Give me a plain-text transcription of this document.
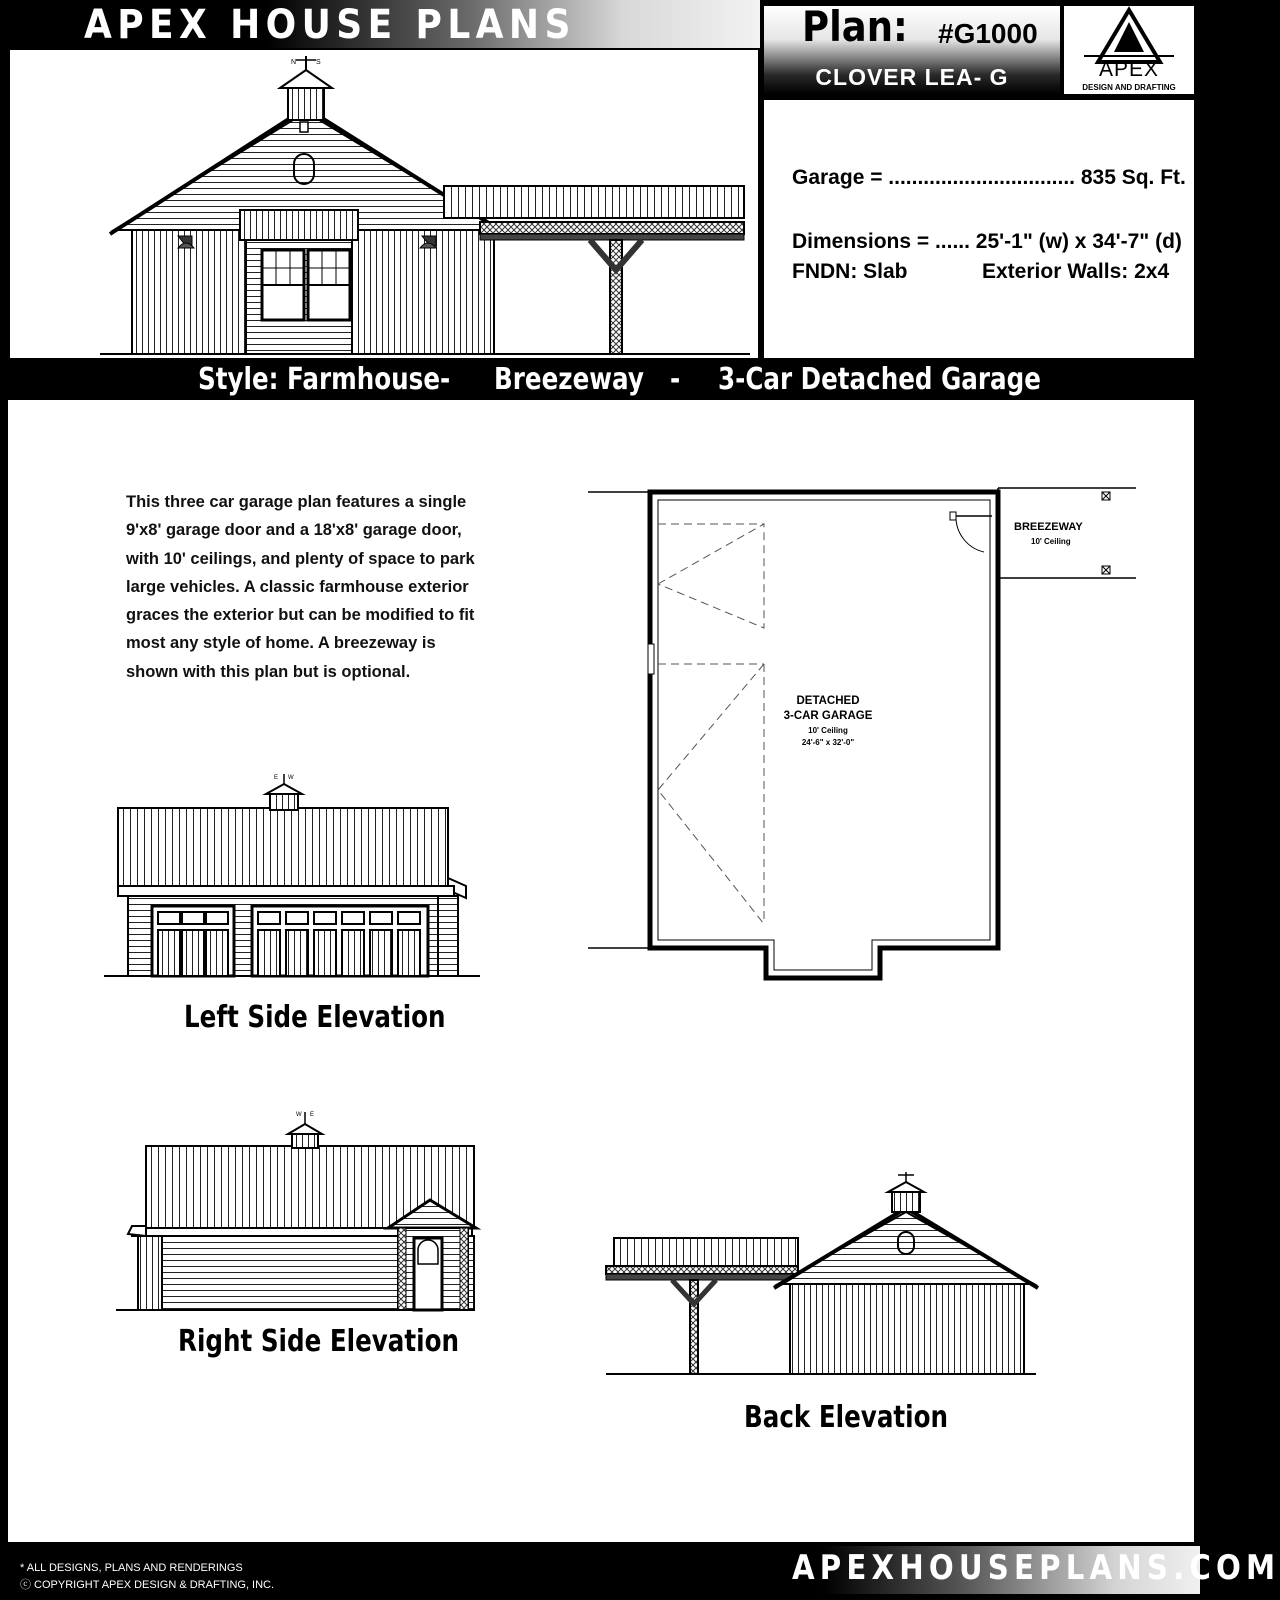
APEX HOUSE PLANS
N	S
Plan: #G1000
CLOVER LEA- G	APEX
DESIGN AND DRAFTING
Garage = ................................ 835 Sq. Ft.
Dimensions = ...... 25'-1" (w) x 34'-7" (d)
FNDN: Slab	Exterior Walls: 2x4
Style: Farmhouse - Breezeway - 3-Car Detached Garage
This three car garage plan features a single 9'x8' garage door and a 18'x8' garage door, with 10' ceilings, and plenty of space to park large vehicles. A classic farmhouse exterior graces the exterior but can be modified to fit most any style of home. A breezeway is shown with this plan but is optional.
BREEZEWAY
10' Ceiling
DETACHED
3-CAR GARAGE
10' Ceiling
24'-6" x 32'-0"
E W
Left Side Elevation
W E
Right Side Elevation
Back Elevation
* ALL DESIGNS, PLANS AND RENDERINGS
ⓒ COPYRIGHT APEX DESIGN & DRAFTING, INC.	APEXHOUSEPLANS.COM
